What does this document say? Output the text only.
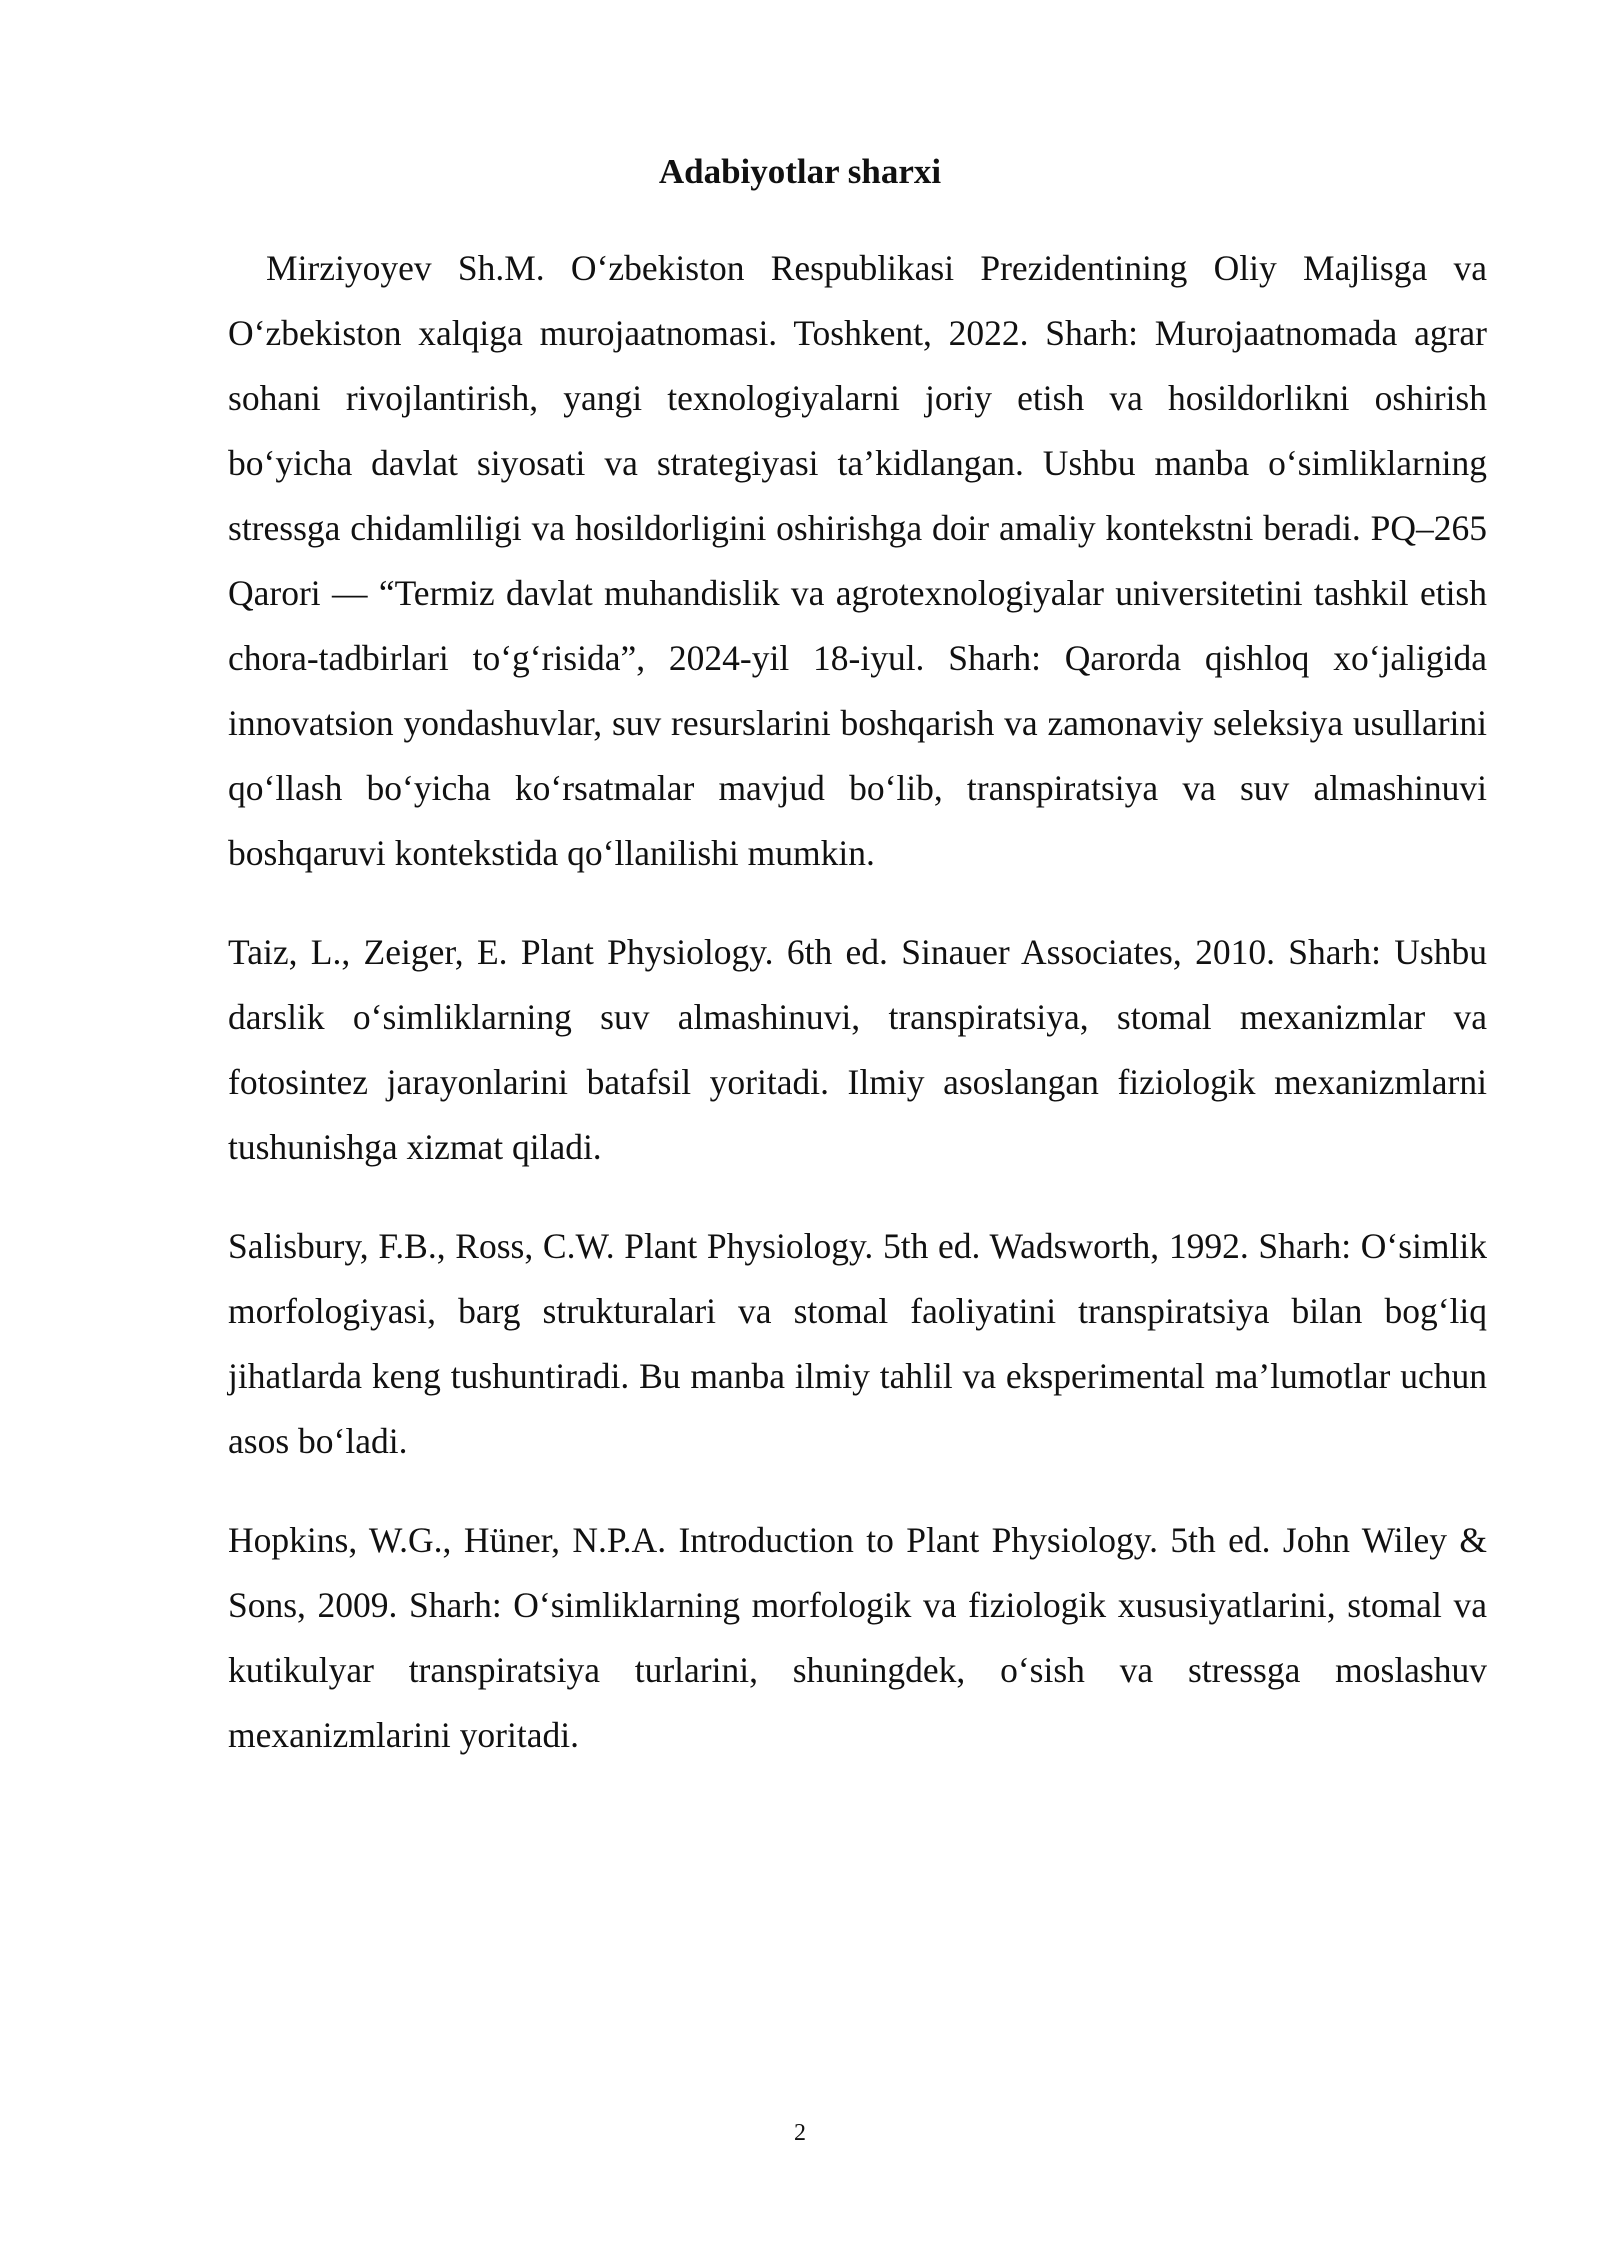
Adabiyotlar sharxi

Mirziyoyev Sh.M. O‘zbekiston Respublikasi Prezidentining Oliy Majlisga va O‘zbekiston xalqiga murojaatnomasi. Toshkent, 2022. Sharh: Murojaatnomada agrar sohani rivojlantirish, yangi texnologiyalarni joriy etish va hosildorlikni oshirish bo‘yicha davlat siyosati va strategiyasi ta’kidlangan. Ushbu manba o‘simliklarning stressga chidamliligi va hosildorligini oshirishga doir amaliy kontekstni beradi. PQ–265 Qarori — “Termiz davlat muhandislik va agrotexnologiyalar universitetini tashkil etish chora-tadbirlari to‘g‘risida”, 2024-yil 18-iyul. Sharh: Qarorda qishloq xo‘jaligida innovatsion yondashuvlar, suv resurslarini boshqarish va zamonaviy seleksiya usullarini qo‘llash bo‘yicha ko‘rsatmalar mavjud bo‘lib, transpiratsiya va suv almashinuvi boshqaruvi kontekstida qo‘llanilishi mumkin.

Taiz, L., Zeiger, E. Plant Physiology. 6th ed. Sinauer Associates, 2010. Sharh: Ushbu darslik o‘simliklarning suv almashinuvi, transpiratsiya, stomal mexanizmlar va fotosintez jarayonlarini batafsil yoritadi. Ilmiy asoslangan fiziologik mexanizmlarni tushunishga xizmat qiladi.

Salisbury, F.B., Ross, C.W. Plant Physiology. 5th ed. Wadsworth, 1992. Sharh: O‘simlik morfologiyasi, barg strukturalari va stomal faoliyatini transpiratsiya bilan bog‘liq jihatlarda keng tushuntiradi. Bu manba ilmiy tahlil va eksperimental ma’lumotlar uchun asos bo‘ladi.

Hopkins, W.G., Hüner, N.P.A. Introduction to Plant Physiology. 5th ed. John Wiley & Sons, 2009. Sharh: O‘simliklarning morfologik va fiziologik xususiyatlarini, stomal va kutikulyar transpiratsiya turlarini, shuningdek, o‘sish va stressga moslashuv mexanizmlarini yoritadi.

2
